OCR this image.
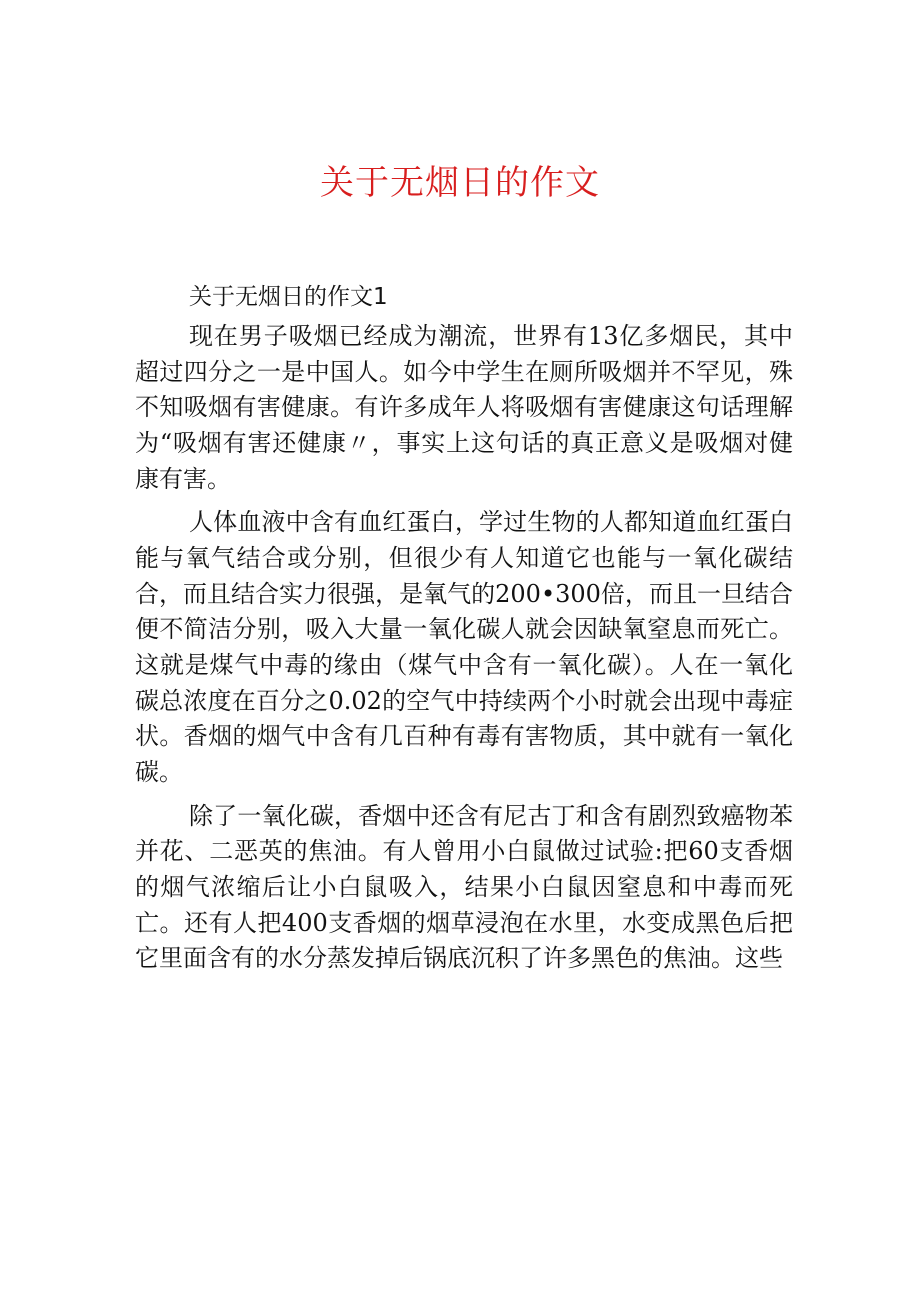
关于无烟日的作文
关于无烟日的作文1

现在男子吸烟已经成为潮流，世界有13亿多烟民，其中超过四分之一是中国人。如今中学生在厕所吸烟并不罕见，殊不知吸烟有害健康。有许多成年人将吸烟有害健康这句话理解为“吸烟有害还健康〃，事实上这句话的真正意义是吸烟对健康有害。

人体血液中含有血红蛋白，学过生物的人都知道血红蛋白能与氧气结合或分别，但很少有人知道它也能与一氧化碳结合，而且结合实力很强，是氧气的200•300倍，而且一旦结合便不简洁分别，吸入大量一氧化碳人就会因缺氧窒息而死亡。这就是煤气中毒的缘由（煤气中含有一氧化碳）。人在一氧化碳总浓度在百分之0.02的空气中持续两个小时就会出现中毒症状。香烟的烟气中含有几百种有毒有害物质，其中就有一氧化碳。

除了一氧化碳，香烟中还含有尼古丁和含有剧烈致癌物苯并花、二恶英的焦油。有人曾用小白鼠做过试验:把60支香烟的烟气浓缩后让小白鼠吸入，结果小白鼠因窒息和中毒而死亡。还有人把400支香烟的烟草浸泡在水里，水变成黑色后把它里面含有的水分蒸发掉后锅底沉积了许多黑色的焦油。这些
